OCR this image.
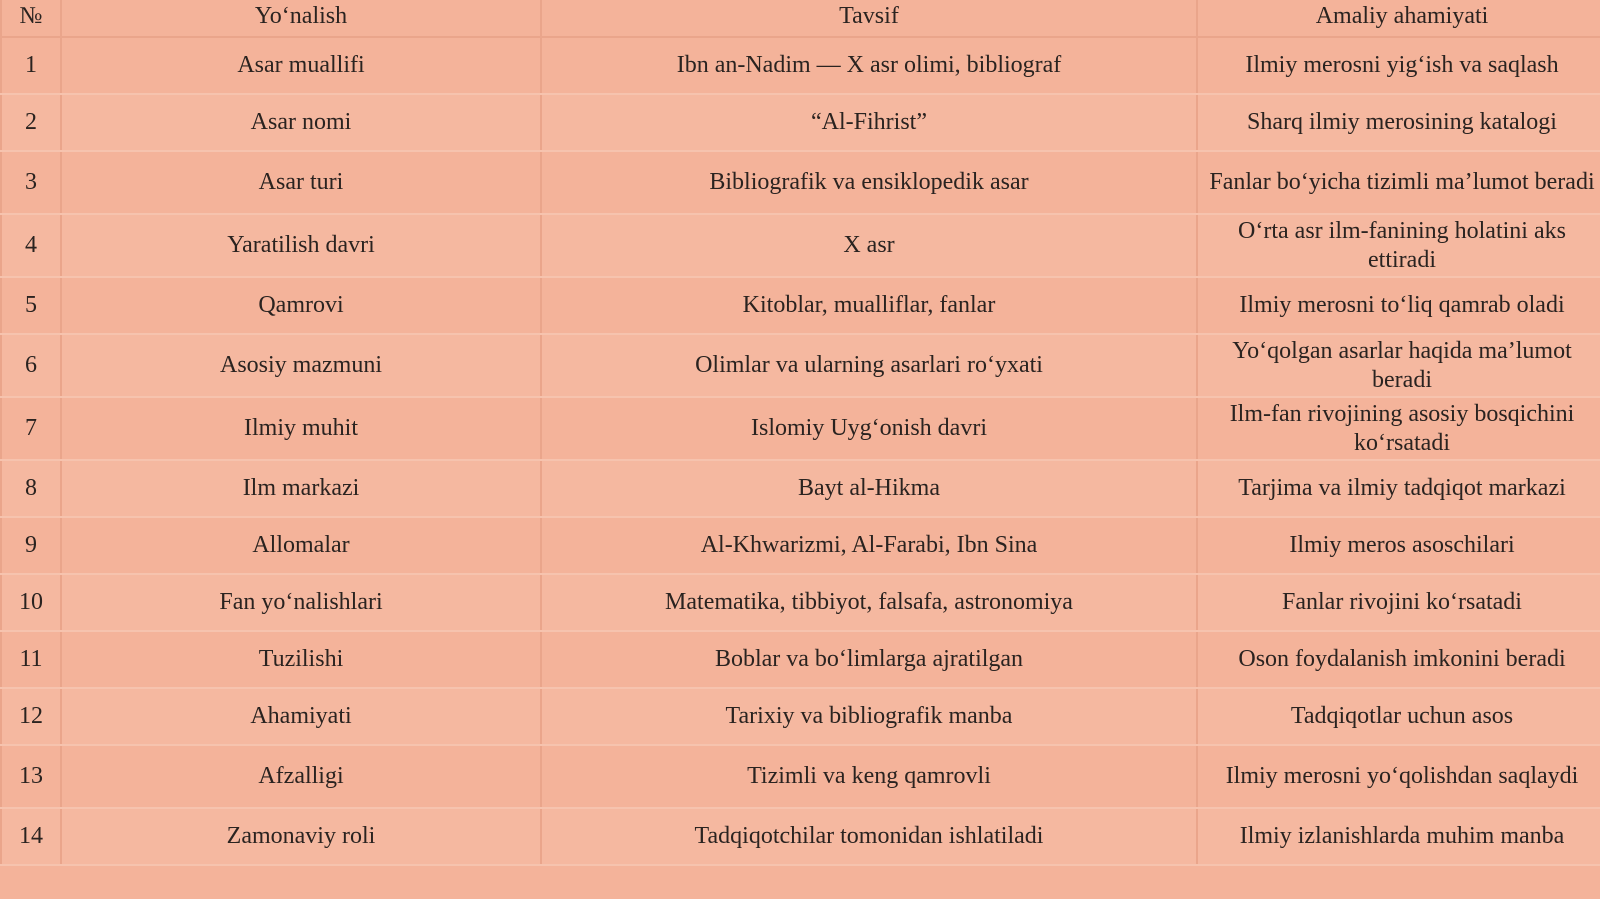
№	Yo‘nalish	Tavsif	Amaliy ahamiyati
1	Asar muallifi	Ibn an-Nadim — X asr olimi, bibliograf	Ilmiy merosni yig‘ish va saqlash
2	Asar nomi	“Al-Fihrist”	Sharq ilmiy merosining katalogi
3	Asar turi	Bibliografik va ensiklopedik asar	Fanlar bo‘yicha tizimli ma’lumot beradi
4	Yaratilish davri	X asr	O‘rta asr ilm-fanining holatini aks ettiradi
5	Qamrovi	Kitoblar, mualliflar, fanlar	Ilmiy merosni to‘liq qamrab oladi
6	Asosiy mazmuni	Olimlar va ularning asarlari ro‘yxati	Yo‘qolgan asarlar haqida ma’lumot beradi
7	Ilmiy muhit	Islomiy Uyg‘onish davri	Ilm-fan rivojining asosiy bosqichini ko‘rsatadi
8	Ilm markazi	Bayt al-Hikma	Tarjima va ilmiy tadqiqot markazi
9	Allomalar	Al-Khwarizmi, Al-Farabi, Ibn Sina	Ilmiy meros asoschilari
10	Fan yo‘nalishlari	Matematika, tibbiyot, falsafa, astronomiya	Fanlar rivojini ko‘rsatadi
11	Tuzilishi	Boblar va bo‘limlarga ajratilgan	Oson foydalanish imkonini beradi
12	Ahamiyati	Tarixiy va bibliografik manba	Tadqiqotlar uchun asos
13	Afzalligi	Tizimli va keng qamrovli	Ilmiy merosni yo‘qolishdan saqlaydi
14	Zamonaviy roli	Tadqiqotchilar tomonidan ishlatiladi	Ilmiy izlanishlarda muhim manba
